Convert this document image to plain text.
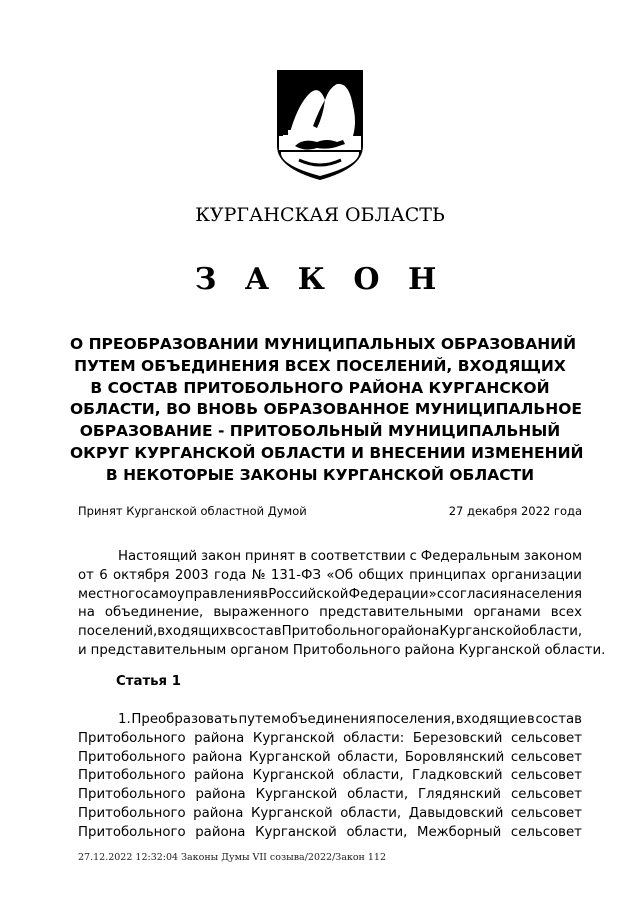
КУРГАНСКАЯ ОБЛАСТЬ
З А К О Н
О ПРЕОБРАЗОВАНИИ МУНИЦИПАЛЬНЫХ ОБРАЗОВАНИЙ
ПУТЕМ ОБЪЕДИНЕНИЯ ВСЕХ ПОСЕЛЕНИЙ, ВХОДЯЩИХ
В СОСТАВ ПРИТОБОЛЬНОГО РАЙОНА КУРГАНСКОЙ
ОБЛАСТИ, ВО ВНОВЬ ОБРАЗОВАННОЕ МУНИЦИПАЛЬНОЕ
ОБРАЗОВАНИЕ - ПРИТОБОЛЬНЫЙ МУНИЦИПАЛЬНЫЙ
ОКРУГ КУРГАНСКОЙ ОБЛАСТИ И ВНЕСЕНИИ ИЗМЕНЕНИЙ
В НЕКОТОРЫЕ ЗАКОНЫ КУРГАНСКОЙ ОБЛАСТИ
Принят Курганской областной Думой	27 декабря 2022 года
Настоящий закон принят в соответствии с Федеральным законом
от 6 октября 2003 года № 131-ФЗ «Об общих принципах организации
местного самоуправления в Российской Федерации» с согласия населения
на объединение, выраженного представительными органами всех
поселений, входящих в состав Притобольного района Курганской области,
и представительным органом Притобольного района Курганской области.
Статья 1
1. Преобразовать путем объединения поселения, входящие в состав
Притобольного района Курганской области: Березовский сельсовет
Притобольного района Курганской области, Боровлянский сельсовет
Притобольного района Курганской области, Гладковский сельсовет
Притобольного района Курганской области, Глядянский сельсовет
Притобольного района Курганской области, Давыдовский сельсовет
Притобольного района Курганской области, Межборный сельсовет
27.12.2022 12:32:04 Законы Думы VII созыва/2022/Закон 112
